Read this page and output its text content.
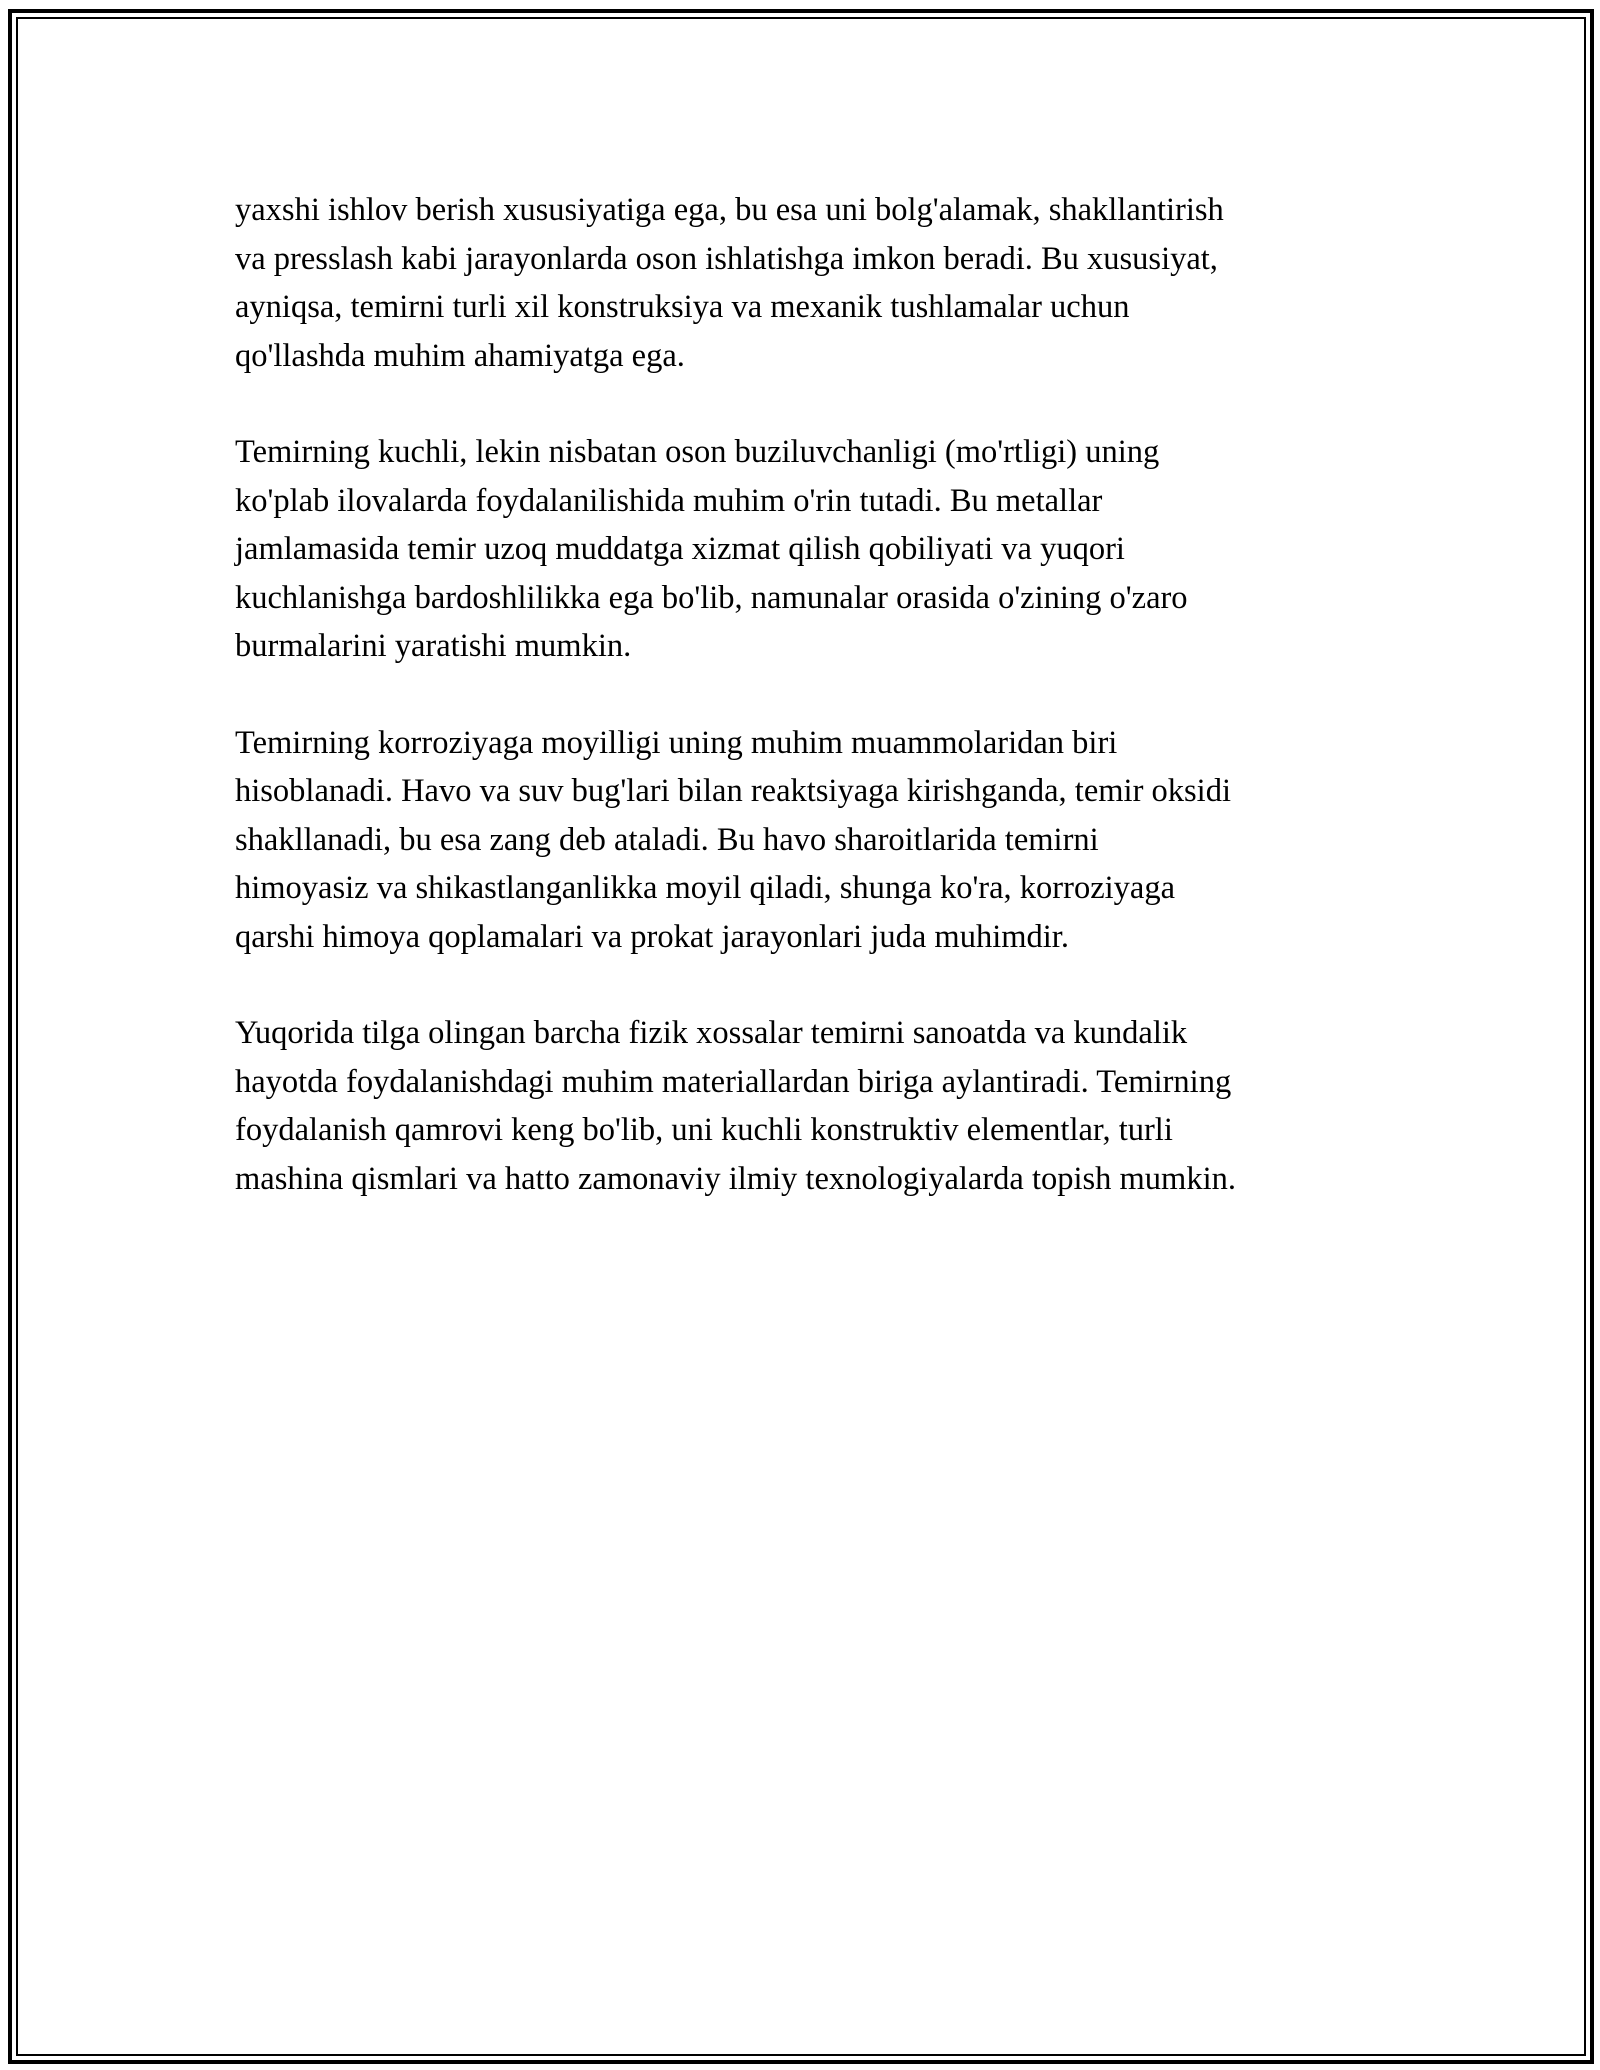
yaxshi ishlov berish xususiyatiga ega, bu esa uni bolg'alamak, shakllantirish
va presslash kabi jarayonlarda oson ishlatishga imkon beradi. Bu xususiyat,
ayniqsa, temirni turli xil konstruksiya va mexanik tushlamalar uchun
qo'llashda muhim ahamiyatga ega.

Temirning kuchli, lekin nisbatan oson buziluvchanligi (mo'rtligi) uning
ko'plab ilovalarda foydalanilishida muhim o'rin tutadi. Bu metallar
jamlamasida temir uzoq muddatga xizmat qilish qobiliyati va yuqori
kuchlanishga bardoshlilikka ega bo'lib, namunalar orasida o'zining o'zaro
burmalarini yaratishi mumkin.

Temirning korroziyaga moyilligi uning muhim muammolaridan biri
hisoblanadi. Havo va suv bug'lari bilan reaktsiyaga kirishganda, temir oksidi
shakllanadi, bu esa zang deb ataladi. Bu havo sharoitlarida temirni
himoyasiz va shikastlanganlikka moyil qiladi, shunga ko'ra, korroziyaga
qarshi himoya qoplamalari va prokat jarayonlari juda muhimdir.

Yuqorida tilga olingan barcha fizik xossalar temirni sanoatda va kundalik
hayotda foydalanishdagi muhim materiallardan biriga aylantiradi. Temirning
foydalanish qamrovi keng bo'lib, uni kuchli konstruktiv elementlar, turli
mashina qismlari va hatto zamonaviy ilmiy texnologiyalarda topish mumkin.
